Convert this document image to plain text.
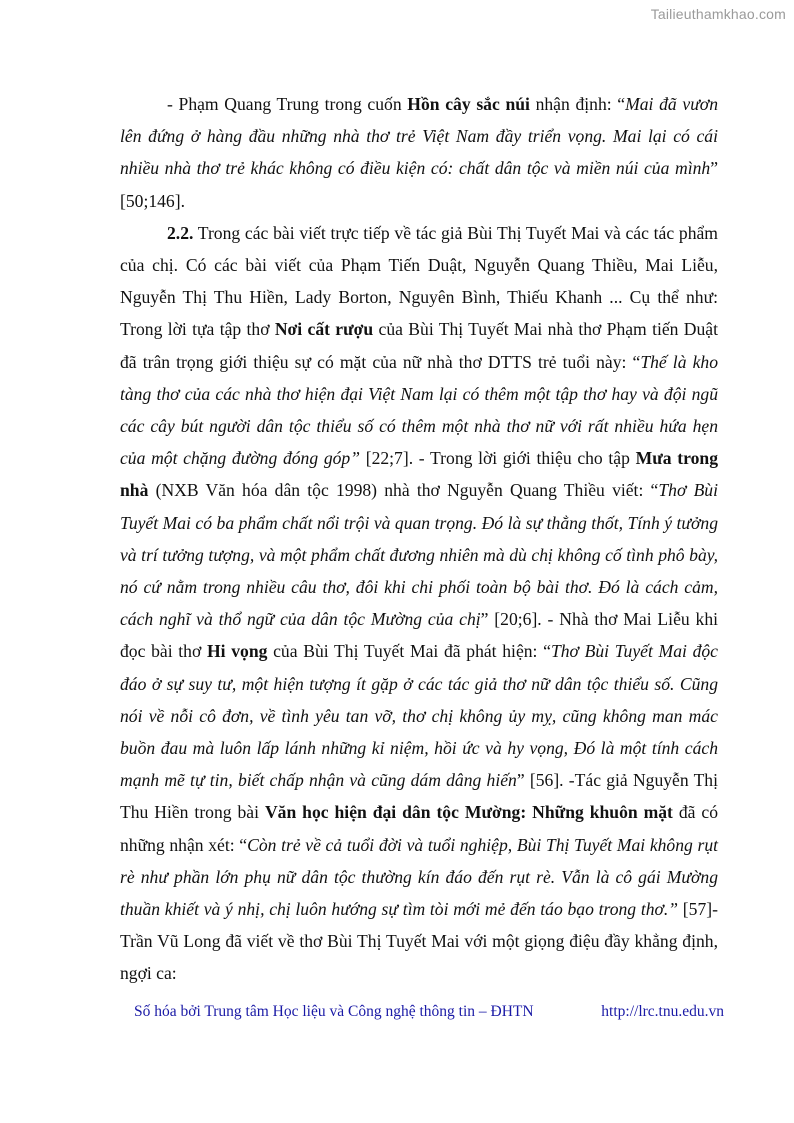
Tailieuthamkhao.com

- Phạm Quang Trung trong cuốn Hồn cây sắc núi nhận định: “Mai đã vươn lên đứng ở hàng đầu những nhà thơ trẻ Việt Nam đầy triển vọng. Mai lại có cái nhiều nhà thơ trẻ khác không có điều kiện có: chất dân tộc và miền núi của mình” [50;146].

2.2. Trong các bài viết trực tiếp về tác giả Bùi Thị Tuyết Mai và các tác phẩm của chị. Có các bài viết của Phạm Tiến Duật, Nguyễn Quang Thiều, Mai Liễu, Nguyễn Thị Thu Hiền, Lady Borton, Nguyên Bình, Thiếu Khanh ... Cụ thể như: Trong lời tựa tập thơ Nơi cất rượu của Bùi Thị Tuyết Mai nhà thơ Phạm tiến Duật đã trân trọng giới thiệu sự có mặt của nữ nhà thơ DTTS trẻ tuổi này: “Thế là kho tàng thơ của các nhà thơ hiện đại Việt Nam lại có thêm một tập thơ hay và đội ngũ các cây bút người dân tộc thiểu số có thêm một nhà thơ nữ với rất nhiều hứa hẹn của một chặng đường đóng góp” [22;7]. - Trong lời giới thiệu cho tập Mưa trong nhà (NXB Văn hóa dân tộc 1998) nhà thơ Nguyễn Quang Thiều viết: “Thơ Bùi Tuyết Mai có ba phẩm chất nổi trội và quan trọng. Đó là sự thẳng thốt, Tính ý tưởng và trí tưởng tượng, và một phẩm chất đương nhiên mà dù chị không cố tình phô bày, nó cứ nằm trong nhiều câu thơ, đôi khi chi phối toàn bộ bài thơ. Đó là cách cảm, cách nghĩ và thổ ngữ của dân tộc Mường của chị” [20;6]. - Nhà thơ Mai Liễu khi đọc bài thơ Hi vọng của Bùi Thị Tuyết Mai đã phát hiện: “Thơ Bùi Tuyết Mai độc đáo ở sự suy tư, một hiện tượng ít gặp ở các tác giả thơ nữ dân tộc thiểu số. Cũng nói về nỗi cô đơn, về tình yêu tan vỡ, thơ chị không ủy mỵ, cũng không man mác buồn đau mà luôn lấp lánh những kỉ niệm, hồi ức và hy vọng, Đó là một tính cách mạnh mẽ tự tin, biết chấp nhận và cũng dám dâng hiến” [56]. -Tác giả Nguyễn Thị Thu Hiền trong bài Văn học hiện đại dân tộc Mường: Những khuôn mặt đã có những nhận xét: “Còn trẻ về cả tuổi đời và tuổi nghiệp, Bùi Thị Tuyết Mai không rụt rè như phần lớn phụ nữ dân tộc thường kín đáo đến rụt rè. Vẫn là cô gái Mường thuần khiết và ý nhị, chị luôn hướng sự tìm tòi mới mẻ đến táo bạo trong thơ.” [57]- Trần Vũ Long đã viết về thơ Bùi Thị Tuyết Mai với một giọng điệu đầy khẳng định, ngợi ca:

Số hóa bởi Trung tâm Học liệu và Công nghệ thông tin – ĐHTN	http://lrc.tnu.edu.vn
